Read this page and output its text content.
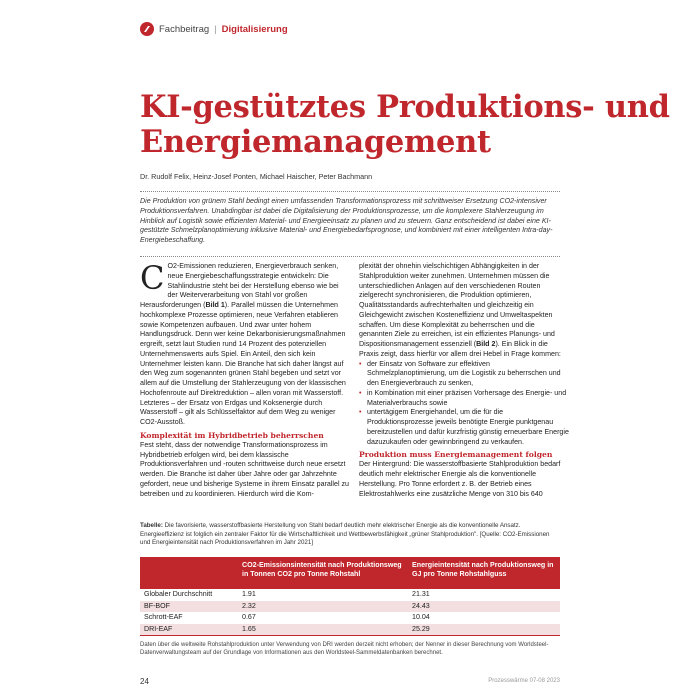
Fachbeitrag | Digitalisierung
KI-gestütztes Produktions- und Energiemanagement
Dr. Rudolf Felix, Heinz-Josef Ponten, Michael Haischer, Peter Bachmann

Die Produktion von grünem Stahl bedingt einen umfassenden Transformationsprozess mit schrittweiser Ersetzung CO2-intensiver Produktionsverfahren. Unabdingbar ist dabei die Digitalisierung der Produktionsprozesse, um die komplexere Stahlerzeugung im Hinblick auf Logistik sowie effizienten Material- und Energieeinsatz zu planen und zu steuern. Ganz entscheidend ist dabei eine KI-gestützte Schmelzplanoptimierung inklusive Material- und Energiebedarfsprognose, und kombiniert mit einer intelligenten Intra-day-Energiebeschaffung.

C O2-Emissionen reduzieren, Energieverbrauch senken, neue Energiebeschaffungsstrategie entwickeln: Die Stahlindustrie steht bei der Herstellung ebenso wie bei der Weiterverarbeitung von Stahl vor großen Herausforderungen (Bild 1). Parallel müssen die Unternehmen hochkomplexe Prozesse optimieren, neue Verfahren etablieren sowie Kompetenzen aufbauen. Und zwar unter hohem Handlungsdruck. Denn wer keine Dekarbonisierungsmaßnahmen ergreift, setzt laut Studien rund 14 Prozent des potenziellen Unternehmenswerts aufs Spiel. Ein Anteil, den sich kein Unternehmer leisten kann. Die Branche hat sich daher längst auf den Weg zum sogenannten grünen Stahl begeben und setzt vor allem auf die Umstellung der Stahlerzeugung von der klassischen Hochofenroute auf Direktreduktion – allen voran mit Wasserstoff. Letzteres – der Ersatz von Erdgas und Koksenergie durch Wasserstoff – gilt als Schlüsselfaktor auf dem Weg zu weniger CO2-Ausstoß.

Komplexität im Hybridbetrieb beherrschen

Fest steht, dass der notwendige Transformationsprozess im Hybridbetrieb erfolgen wird, bei dem klassische Produktionsverfahren und -routen schrittweise durch neue ersetzt werden. Die Branche ist daher über Jahre oder gar Jahrzehnte gefordert, neue und bisherige Systeme in ihrem Einsatz parallel zu betreiben und zu koordinieren. Hierdurch wird die Kom-

plexität der ohnehin vielschichtigen Abhängigkeiten in der Stahlproduktion weiter zunehmen. Unternehmen müssen die unterschiedlichen Anlagen auf den verschiedenen Routen zielgerecht synchronisieren, die Produktion optimieren, Qualitätsstandards aufrechterhalten und gleichzeitig ein Gleichgewicht zwischen Kosteneffizienz und Umweltaspekten schaffen. Um diese Komplexität zu beherrschen und die genannten Ziele zu erreichen, ist ein effizientes Planungs- und Dispositionsmanagement essenziell (Bild 2). Ein Blick in die Praxis zeigt, dass hierfür vor allem drei Hebel in Frage kommen:

• der Einsatz von Software zur effektiven Schmelzplanoptimierung, um die Logistik zu beherrschen und den Energieverbrauch zu senken,
• in Kombination mit einer präzisen Vorhersage des Energie- und Materialverbrauchs sowie
• untertägigem Energiehandel, um die für die Produktionsprozesse jeweils benötigte Energie punktgenau bereitzustellen und dafür kurzfristig günstig erneuerbare Energie dazuzukaufen oder gewinnbringend zu verkaufen.
Produktion muss Energiemanagement folgen

Der Hintergrund: Die wasserstoffbasierte Stahlproduktion bedarf deutlich mehr elektrischer Energie als die konventionelle Herstellung. Pro Tonne erfordert z. B. der Betrieb eines Elektrostahlwerks eine zusätzliche Menge von 310 bis 640

Tabelle: Die favorisierte, wasserstoffbasierte Herstellung von Stahl bedarf deutlich mehr elektrischer Energie als die konventionelle Ansatz. Energieeffizienz ist folglich ein zentraler Faktor für die Wirtschaftlichkeit und Wettbewerbsfähigkeit „grüner Stahlproduktion". [Quelle: CO2-Emissionen und Energieintensität nach Produktionsverfahren im Jahr 2021]
	CO2-Emissionsintensität nach Produktionsweg in Tonnen CO2 pro Tonne Rohstahl	Energieintensität nach Produktionsweg in GJ pro Tonne Rohstahlguss
Globaler Durchschnitt	1.91	21.31
BF-BOF	2.32	24.43
Schrott-EAF	0.67	10.04
DRI-EAF	1.65	25.29

Daten über die weltweite Rohstahlproduktion unter Verwendung von DRI werden derzeit nicht erhoben; der Nenner in dieser Berechnung vom Worldsteel-Datenverwaltungsteam auf der Grundlage von Informationen aus den Worldsteel-Sammeldatenbanken berechnet.

24	Prozesswärme 07-08 2023
